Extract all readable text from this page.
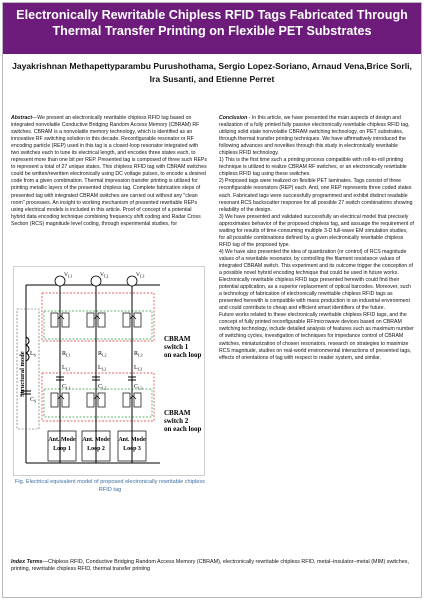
Electronically Rewritable Chipless RFID Tags Fabricated Through Thermal Transfer Printing on Flexible PET Substrates
Jayakrishnan Methapettyparambu Purushothama, Sergio Lopez-Soriano, Arnaud Vena,Brice Sorli, Ira Susanti, and Etienne Perret
Abstract—We present an electronically rewritable chipless RFID tag based on integrated nonvolatile Conductive Bridging Random Access Memory (CBRAM) RF switches. CBRAM is a nonvolatile memory technology, which is identified as an innovative RF switching solution in this decade. Reconfigurable resonator or RF encoding particle (REP) used in this tag is a closed-loop resonator integrated with two switches each to tune its electrical length, and encodes three states each, to represent more than one bit per REP. Presented tag is composed of three such REPs to represent a total of 27 unique states. This chipless RFID tag with CBRAM switches could be written/rewritten electronically using DC voltage pulses, to encode a desired code from a given combination. Thermal impression transfer printing is utilized for printing metallic layers of the presented chipless tag. Complete fabrication steps of presented tag with integrated CBRAM switches are carried out without any "clean room" processes. An insight to working mechanism of presented rewritable REPs using electrical models is included in this article. Proof of concept of a potential hybrid data encoding technique combining frequency shift coding and Radar Cross Section (RCS) magnitude level coding, through experimental studies, for
Structural mode $L_S$
$C_S$
CBRAM
switch 1
on each loop
CBRAM
switch 2
on each loop
$V_{L1}$
$R_{L1}$
$L_{L1}$
$C_{L1}$
Ant. Mode
Loop 1
$V_{L2}$
$R_{L2}$
$L_{L2}$
$C_{L2}$
Ant. Mode
Loop 2
$V_{L3}$
$R_{L3}$
$L_{L3}$
$C_{L3}$
Ant. Mode
Loop 3
Fig. Electrical equivalent model of proposed electronically rewritable chipless RFID tag
Conclusion - In this article, we have presented the main aspects of design and realization of a fully printed fully passive electronically rewritable chipless RFID tag, utilizing solid state nonvolatile CBRAM switching technology, on PET substrates, through thermal transfer printing techniques. We have affirmatively introduced the following advances and novelties through this study in electronically rewritable chipless RFID technology.
1) This is the first time such a printing process compatible with roll-to-roll printing technique is utilized to realize CBRAM RF switches, or an electronically rewritable chipless RFID tag using these switches.
2) Proposed tags were realized on flexible PET laminates. Tags consist of three reconfigurable resonators (REP) each. And, one REP represents three coded states each. Fabricated tags were successfully programmed and exhibit distinct readable resonant RCS backscatter response for all possible 27 switch combinations showing reliability of the design.
3) We have presented and validated successfully an electrical model that precisely approximates behavior of the proposed chipless tag, and assuage the requirement of waiting for results of time-consuming multiple 3-D full-wave EM simulation studies, for all possible combinations defined by a given electronically rewritable chipless RFID tag of the proposed type.
4) We have also presented the idea of quantization (or control) of RCS magnitude values of a rewritable resonator, by controlling the filament resistance values of integrated CBRAM switch. This experiment and its outcome trigger the conception of a possible novel hybrid encoding technique that could be used in future works. Electronically rewritable chipless RFID tags presented herewith could find their potential application, as a superior replacement of optical barcodes. Moreover, such a technology of fabrication of electronically rewritable chipless RFID tags as presented herewith is compatible with mass production in an industrial environment and could contribute to cheap and efficient smart identifiers of the future.
Future works related to these electronically rewritable chipless RFID tags, and the concept of fully printed reconfigurable RF/microwave devices based on CBRAM switching technology, include detailed analysis of features such as maximum number of switching cycles, investigation of techniques for impedance control of CBRAM switches, miniaturization of chosen resonators, research on strategies to maximize RCS magnitude, studies on real-world environmental interactions of presented tags, effects of orientations of tag with respect to reader system, and similar.
Index Terms—Chipless RFID, Conductive Bridging Random Access Memory (CBRAM), electronically rewritable chipless RFID, metal–insulator–metal (MIM) switches, printing, rewritable chipless RFID, thermal transfer printing
